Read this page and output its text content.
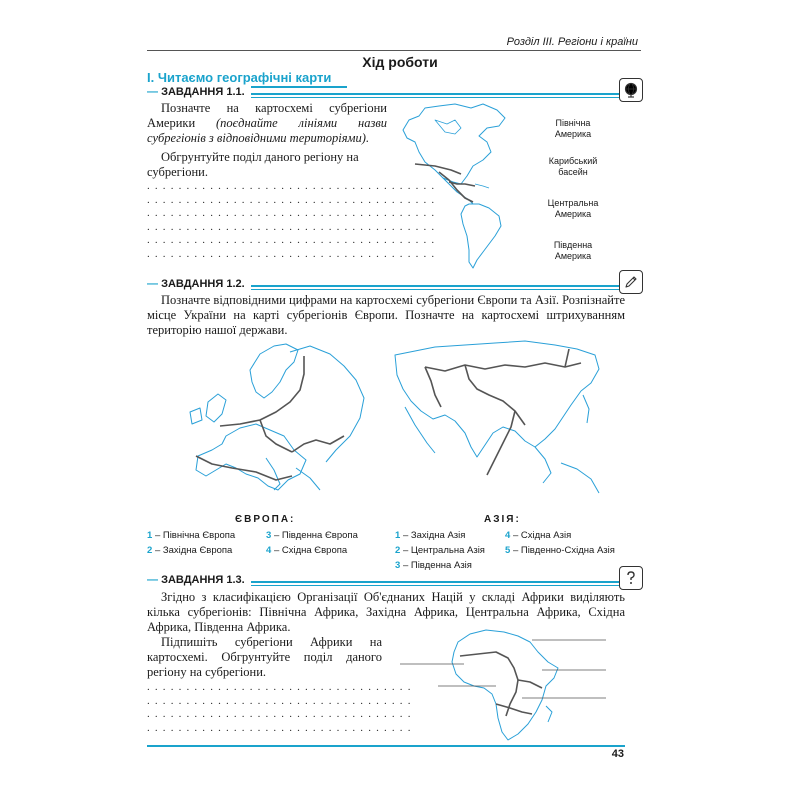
Розділ III. Регіони і країни
Хід роботи
І. Читаємо географічні карти
— ЗАВДАННЯ 1.1.
Позначте на картосхемі субрегіони Америки (поєднайте лініями назви субрегіонів з відповідними територіями).
Обгрунтуйте поділ даного регіону на субрегіони.
. . . . . . . . . . . . . . . . . . . . . . . . . . . . . . . . . . . . .
. . . . . . . . . . . . . . . . . . . . . . . . . . . . . . . . . . . . .
. . . . . . . . . . . . . . . . . . . . . . . . . . . . . . . . . . . . .
. . . . . . . . . . . . . . . . . . . . . . . . . . . . . . . . . . . . .
. . . . . . . . . . . . . . . . . . . . . . . . . . . . . . . . . . . . .
. . . . . . . . . . . . . . . . . . . . . . . . . . . . . . . . . . . . .
Північна Америка
Карибський басейн
Центральна Америка
Південна Америка
— ЗАВДАННЯ 1.2.
Позначте відповідними цифрами на картосхемі субрегіони Європи та Азії. Розпізнайте місце України на карті субрегіонів Європи. Позначте на картосхемі штрихуванням територію нашої держави.
ЄВРОПА:
1 – Північна Європа
2 – Західна Європа
3 – Південна Європа
4 – Східна Європа
АЗІЯ:
1 – Західна Азія
2 – Центральна Азія
3 – Південна Азія
4 – Східна Азія
5 – Південно-Східна Азія
— ЗАВДАННЯ 1.3.
Згідно з класифікацією Організації Об'єднаних Націй у складі Африки виділяють кілька субрегіонів: Північна Африка, Західна Африка, Центральна Африка, Східна Африка, Південна Африка.
Підпишіть субрегіони Африки на картосхемі. Обгрунтуйте поділ даного регіону на субрегіони.
. . . . . . . . . . . . . . . . . . . . . . . . . . . . . . . . . .
. . . . . . . . . . . . . . . . . . . . . . . . . . . . . . . . . .
. . . . . . . . . . . . . . . . . . . . . . . . . . . . . . . . . .
. . . . . . . . . . . . . . . . . . . . . . . . . . . . . . . . . .
43
